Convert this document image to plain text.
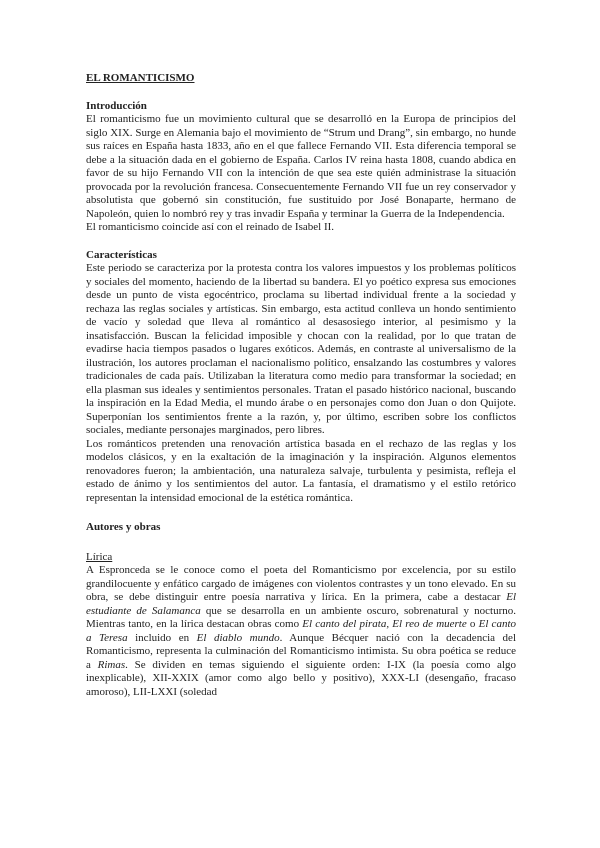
EL ROMANTICISMO

Introducción

El romanticismo fue un movimiento cultural que se desarrolló en la Europa de principios del siglo XIX. Surge en Alemania bajo el movimiento de “Strum und Drang”, sin embargo, no hunde sus raíces en España hasta 1833, año en el que fallece Fernando VII. Esta diferencia temporal se debe a la situación dada en el gobierno de España. Carlos IV reina hasta 1808, cuando abdica en favor de su hijo Fernando VII con la intención de que sea este quién administrase la situación provocada por la revolución francesa. Consecuentemente Fernando VII fue un rey conservador y absolutista que gobernó sin constitución, fue sustituido por José Bonaparte, hermano de Napoleón, quien lo nombró rey y tras invadir España y terminar la Guerra de la Independencia.

El romanticismo coincide así con el reinado de Isabel II.

Características

Este periodo se caracteriza por la protesta contra los valores impuestos y los problemas políticos y sociales del momento, haciendo de la libertad su bandera. El yo poético expresa sus emociones desde un punto de vista egocéntrico, proclama su libertad individual frente a la sociedad y rechaza las reglas sociales y artísticas. Sin embargo, esta actitud conlleva un hondo sentimiento de vacío y soledad que lleva al romántico al desasosiego interior, al pesimismo y la insatisfacción. Buscan la felicidad imposible y chocan con la realidad, por lo que tratan de evadirse hacia tiempos pasados o lugares exóticos. Además, en contraste al universalismo de la ilustración, los autores proclaman el nacionalismo político, ensalzando las costumbres y valores tradicionales de cada país. Utilizaban la literatura como medio para transformar la sociedad; en ella plasman sus ideales y sentimientos personales. Tratan el pasado histórico nacional, buscando la inspiración en la Edad Media, el mundo árabe o en personajes como don Juan o don Quijote. Superponían los sentimientos frente a la razón, y, por último, escriben sobre los conflictos sociales, mediante personajes marginados, pero libres.

Los románticos pretenden una renovación artística basada en el rechazo de las reglas y los modelos clásicos, y en la exaltación de la imaginación y la inspiración. Algunos elementos renovadores fueron; la ambientación, una naturaleza salvaje, turbulenta y pesimista, refleja el estado de ánimo y los sentimientos del autor. La fantasía, el dramatismo y el estilo retórico representan la intensidad emocional de la estética romántica.

Autores y obras

Lírica

A Espronceda se le conoce como el poeta del Romanticismo por excelencia, por su estilo grandilocuente y enfático cargado de imágenes con violentos contrastes y un tono elevado. En su obra, se debe distinguir entre poesía narrativa y lírica. En la primera, cabe a destacar El estudiante de Salamanca que se desarrolla en un ambiente oscuro, sobrenatural y nocturno. Mientras tanto, en la lírica destacan obras como El canto del pirata, El reo de muerte o El canto a Teresa incluido en El diablo mundo. Aunque Bécquer nació con la decadencia del Romanticismo, representa la culminación del Romanticismo intimista. Su obra poética se reduce a Rimas. Se dividen en temas siguiendo el siguiente orden: I-IX (la poesía como algo inexplicable), XII-XXIX (amor como algo bello y positivo), XXX-LI (desengaño, fracaso amoroso), LII-LXXI (soledad
